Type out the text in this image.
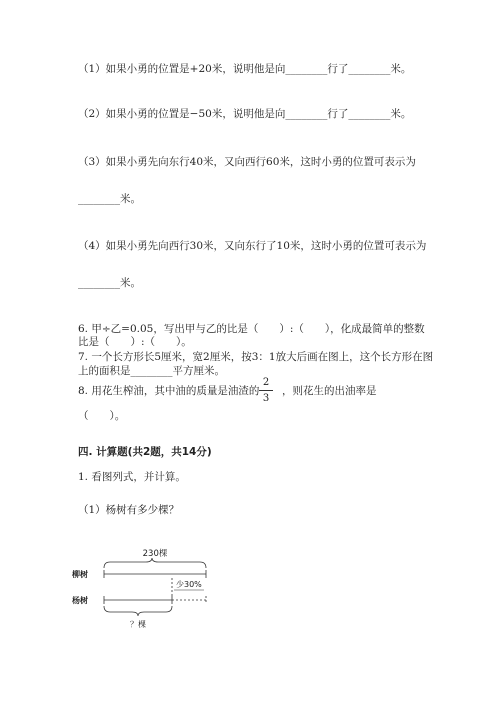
（1）如果小勇的位置是+20米，说明他是向________行了________米。
（2）如果小勇的位置是−50米，说明他是向________行了________米。
（3）如果小勇先向东行40米，又向西行60米，这时小勇的位置可表示为
________米。
（4）如果小勇先向西行30米，又向东行了10米，这时小勇的位置可表示为
________米。
6. 甲÷乙=0.05，写出甲与乙的比是（　　）:（　　），化成最简单的整数
比是（　　）:（　　）。
7. 一个长方形长5厘米，宽2厘米，按3：1放大后画在图上，这个长方形在图
上的面积是________平方厘米。
8. 用花生榨油，其中油的质量是油渣的
2
3
，则花生的出油率是
（　　）。
四. 计算题(共2题，共14分)
1. 看图列式，并计算。
（1）杨树有多少棵？
230棵
柳树
杨树
少30%
？棵
